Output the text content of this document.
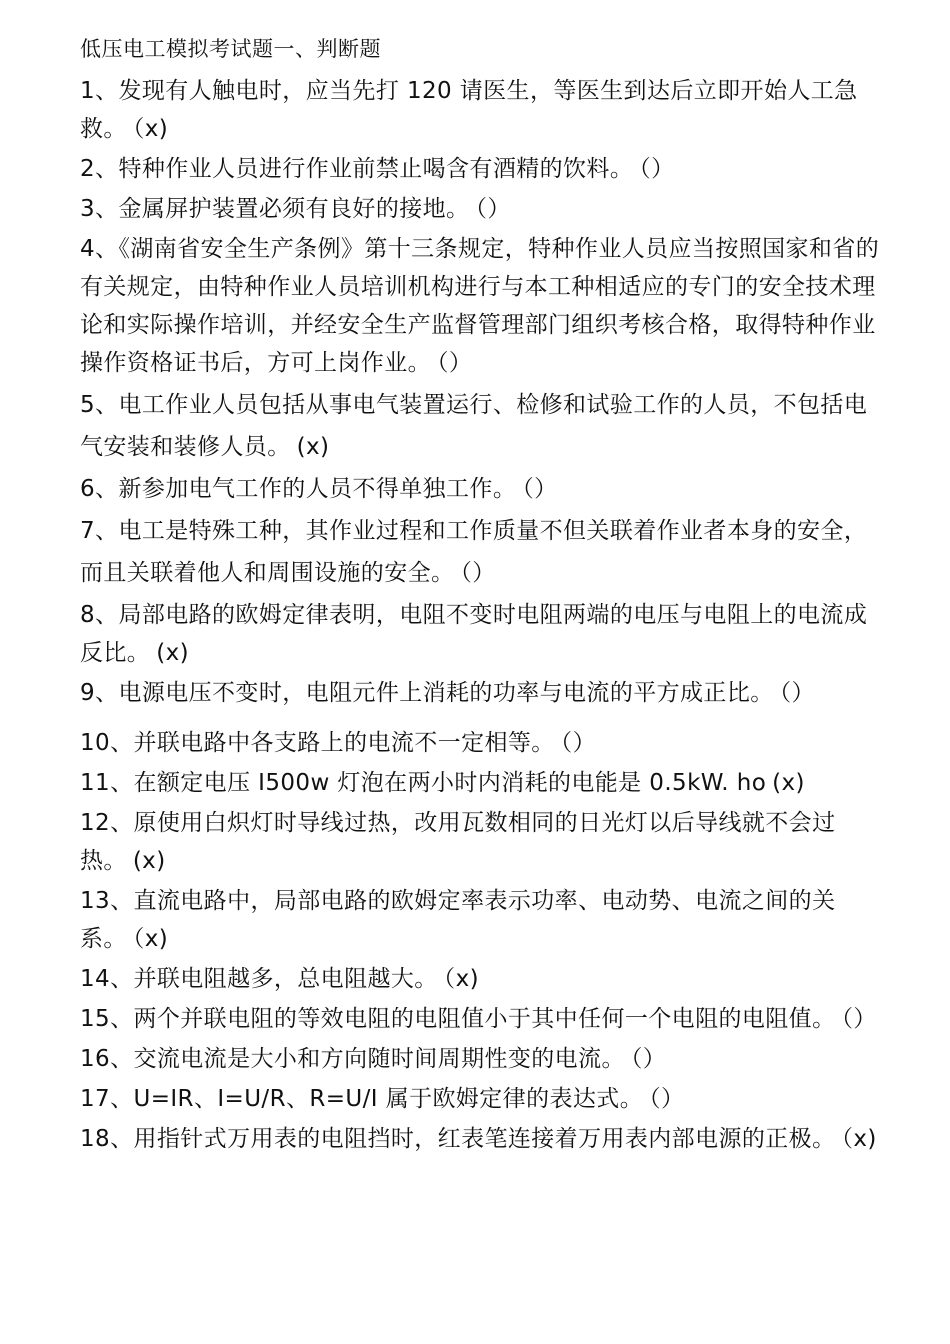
低压电工模拟考试题一、判断题
1、发现有人触电时，应当先打 120 请医生，等医生到达后立即开始人工急救。 （x)
2、特种作业人员进行作业前禁止喝含有酒精的饮料。 （）
3、金属屏护装置必须有良好的接地。 （）
4、《湖南省安全生产条例》第十三条规定，特种作业人员应当按照国家和省的有关规定，由特种作业人员培训机构进行与本工种相适应的专门的安全技术理论和实际操作培训，并经安全生产监督管理部门组织考核合格，取得特种作业操作资格证书后，方可上岗作业。 （）
5、电工作业人员包括从事电气装置运行、检修和试验工作的人员，不包括电气安装和装修人员。 (x)
6、新参加电气工作的人员不得单独工作。 （）
7、电工是特殊工种，其作业过程和工作质量不但关联着作业者本身的安全，而且关联着他人和周围设施的安全。 （）
8、局部电路的欧姆定律表明，电阻不变时电阻两端的电压与电阻上的电流成反比。 (x)
9、电源电压不变时，电阻元件上消耗的功率与电流的平方成正比。 （）
10、并联电路中各支路上的电流不一定相等。 （）
11、在额定电压 I500w 灯泡在两小时内消耗的电能是 0.5kW. hο (x)
12、原使用白炽灯时导线过热，改用瓦数相同的日光灯以后导线就不会过热。 (x)
13、直流电路中，局部电路的欧姆定率表示功率、电动势、电流之间的关系。 （x)
14、并联电阻越多，总电阻越大。 （x)
15、两个并联电阻的等效电阻的电阻值小于其中任何一个电阻的电阻值。 （）
16、交流电流是大小和方向随时间周期性变的电流。 （）
17、U=IR、I=U/R、R=U/I 属于欧姆定律的表达式。 （）
18、用指针式万用表的电阻挡时，红表笔连接着万用表内部电源的正极。 （x)
